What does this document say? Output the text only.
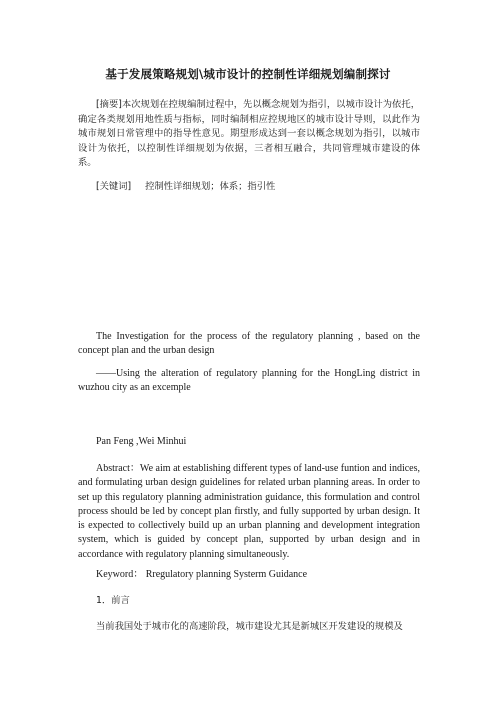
基于发展策略规划\城市设计的控制性详细规划编制探讨
[摘要]本次规划在控规编制过程中，先以概念规划为指引，以城市设计为依托，确定各类规划用地性质与指标，同时编制相应控规地区的城市设计导则，以此作为城市规划日常管理中的指导性意见。期望形成达到一套以概念规划为指引，以城市设计为依托，以控制性详细规划为依据，三者相互融合，共同管理城市建设的体系。
[关键词] 控制性详细规划；体系；指引性
The Investigation for the process of the regulatory planning , based on the concept plan and the urban design
——Using the alteration of regulatory planning for the HongLing district in wuzhou city as an excemple
Pan Feng ,Wei Minhui
Abstract：We aim at establishing different types of land-use funtion and indices, and formulating urban design guidelines for related urban planning areas. In order to set up this regulatory planning administration guidance, this formulation and control process should be led by concept plan firstly, and fully supported by urban design. It is expected to collectively build up an urban planning and development integration system, which is guided by concept plan, supported by urban design and in accordance with regulatory planning simultaneously.
Keyword： Rregulatory planning Systerm Guidance
1．前言
当前我国处于城市化的高速阶段，城市建设尤其是新城区开发建设的规模及
